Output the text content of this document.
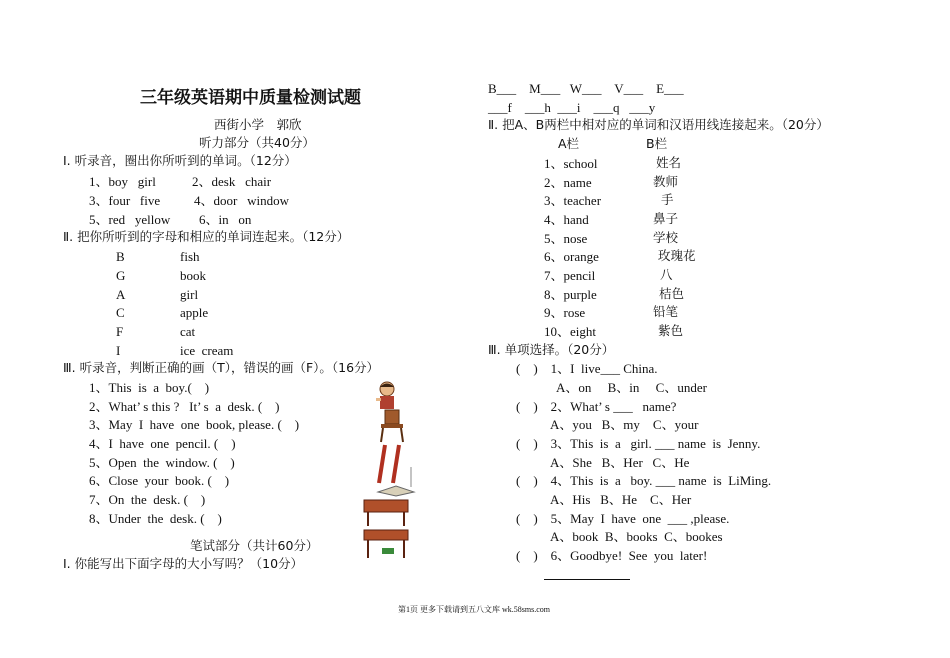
三年级英语期中质量检测试题
西街小学　郭欣
听力部分（共40分）
Ⅰ. 听录音，圈出你所听到的单词。（12分）
1、boy   girl	2、desk   chair
3、four   five	4、door   window
5、red   yellow 6、in   on
Ⅱ. 把你所听到的字母和相应的单词连起来。（12分）
B	fish
G	book
A	girl
C	apple
F	cat
I	ice  cream
Ⅲ. 听录音，判断正确的画（T），错误的画（F）。（16分）
1、This  is  a  boy.(    )
2、What’ s this ?   It’ s  a  desk. (    )
3、May  I  have  one  book, please. (    )
4、I  have  one  pencil. (    )
5、Open  the  window. (    )
6、Close  your  book. (    )
7、On  the  desk. (    )
8、Under  the  desk. (    )
笔试部分（共计60分）
Ⅰ. 你能写出下面字母的大小写吗？（10分）
B___    M___   W___    V___    E___
___f    ___h  ___i    ___q   ___y
Ⅱ. 把A、B两栏中相对应的单词和汉语用线连接起来。（20分）
A栏	B栏
1、school	姓名
2、name	教师
3、teacher	手
4、hand	鼻子
5、nose	学校
6、orange	玫瑰花
7、pencil	八
8、purple	桔色
9、rose	铅笔
10、eight	紫色
Ⅲ. 单项选择。（20分）
(    )    1、I  live___ China.
A、on     B、in     C、under
(    )    2、What’ s ___   name?
A、you   B、my    C、your
(    )    3、This  is  a   girl. ___ name  is  Jenny.
A、She   B、Her   C、He
(    )    4、This  is  a   boy. ___ name  is  LiMing.
A、His   B、He    C、Her
(    )    5、May  I  have  one  ___ ,please.
A、book  B、books  C、bookes
(    )    6、Goodbye!  See  you  later!
第1页 更多下载请到五八文库 wk.58sms.com
